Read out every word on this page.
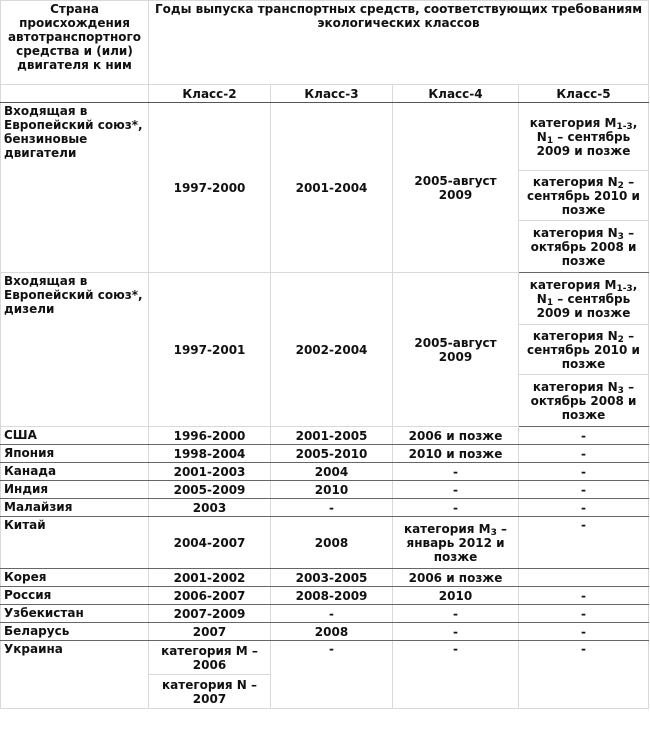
Страна происхождения автотранспортного средства и (или) двигателя к ним	Годы выпуска транспортных средств, соответствующих требованиям экологических классов			
	Класс-2	Класс-3	Класс-4	Класс-5
Входящая в Европейский союз*, бензиновые двигатели	1997-2000	2001-2004	2005-август 2009	категория $M_{1-3}$, $N_1$ – сентябрь 2009 и позже
				категория $N_2$ – сентябрь 2010 и позже
				категория $N_3$ – октябрь 2008 и позже
Входящая в Европейский союз*, дизели	1997-2001	2002-2004	2005-август 2009	категория $M_{1-3}$, $N_1$ – сентябрь 2009 и позже
				категория $N_2$ – сентябрь 2010 и позже
				категория $N_3$ – октябрь 2008 и позже
США	1996-2000	2001-2005	2006 и позже	-
Япония	1998-2004	2005-2010	2010 и позже	-
Канада	2001-2003	2004	-	-
Индия	2005-2009	2010	-	-
Малайзия	2003	-	-	-
Китай	2004-2007	2008	категория $M_3$ – январь 2012 и позже	-
Корея	2001-2002	2003-2005	2006 и позже	
Россия	2006-2007	2008-2009	2010	-
Узбекистан	2007-2009	-	-	-
Беларусь	2007	2008	-	-
Украина	категория M – 2006	-	-	-
	категория N – 2007			
